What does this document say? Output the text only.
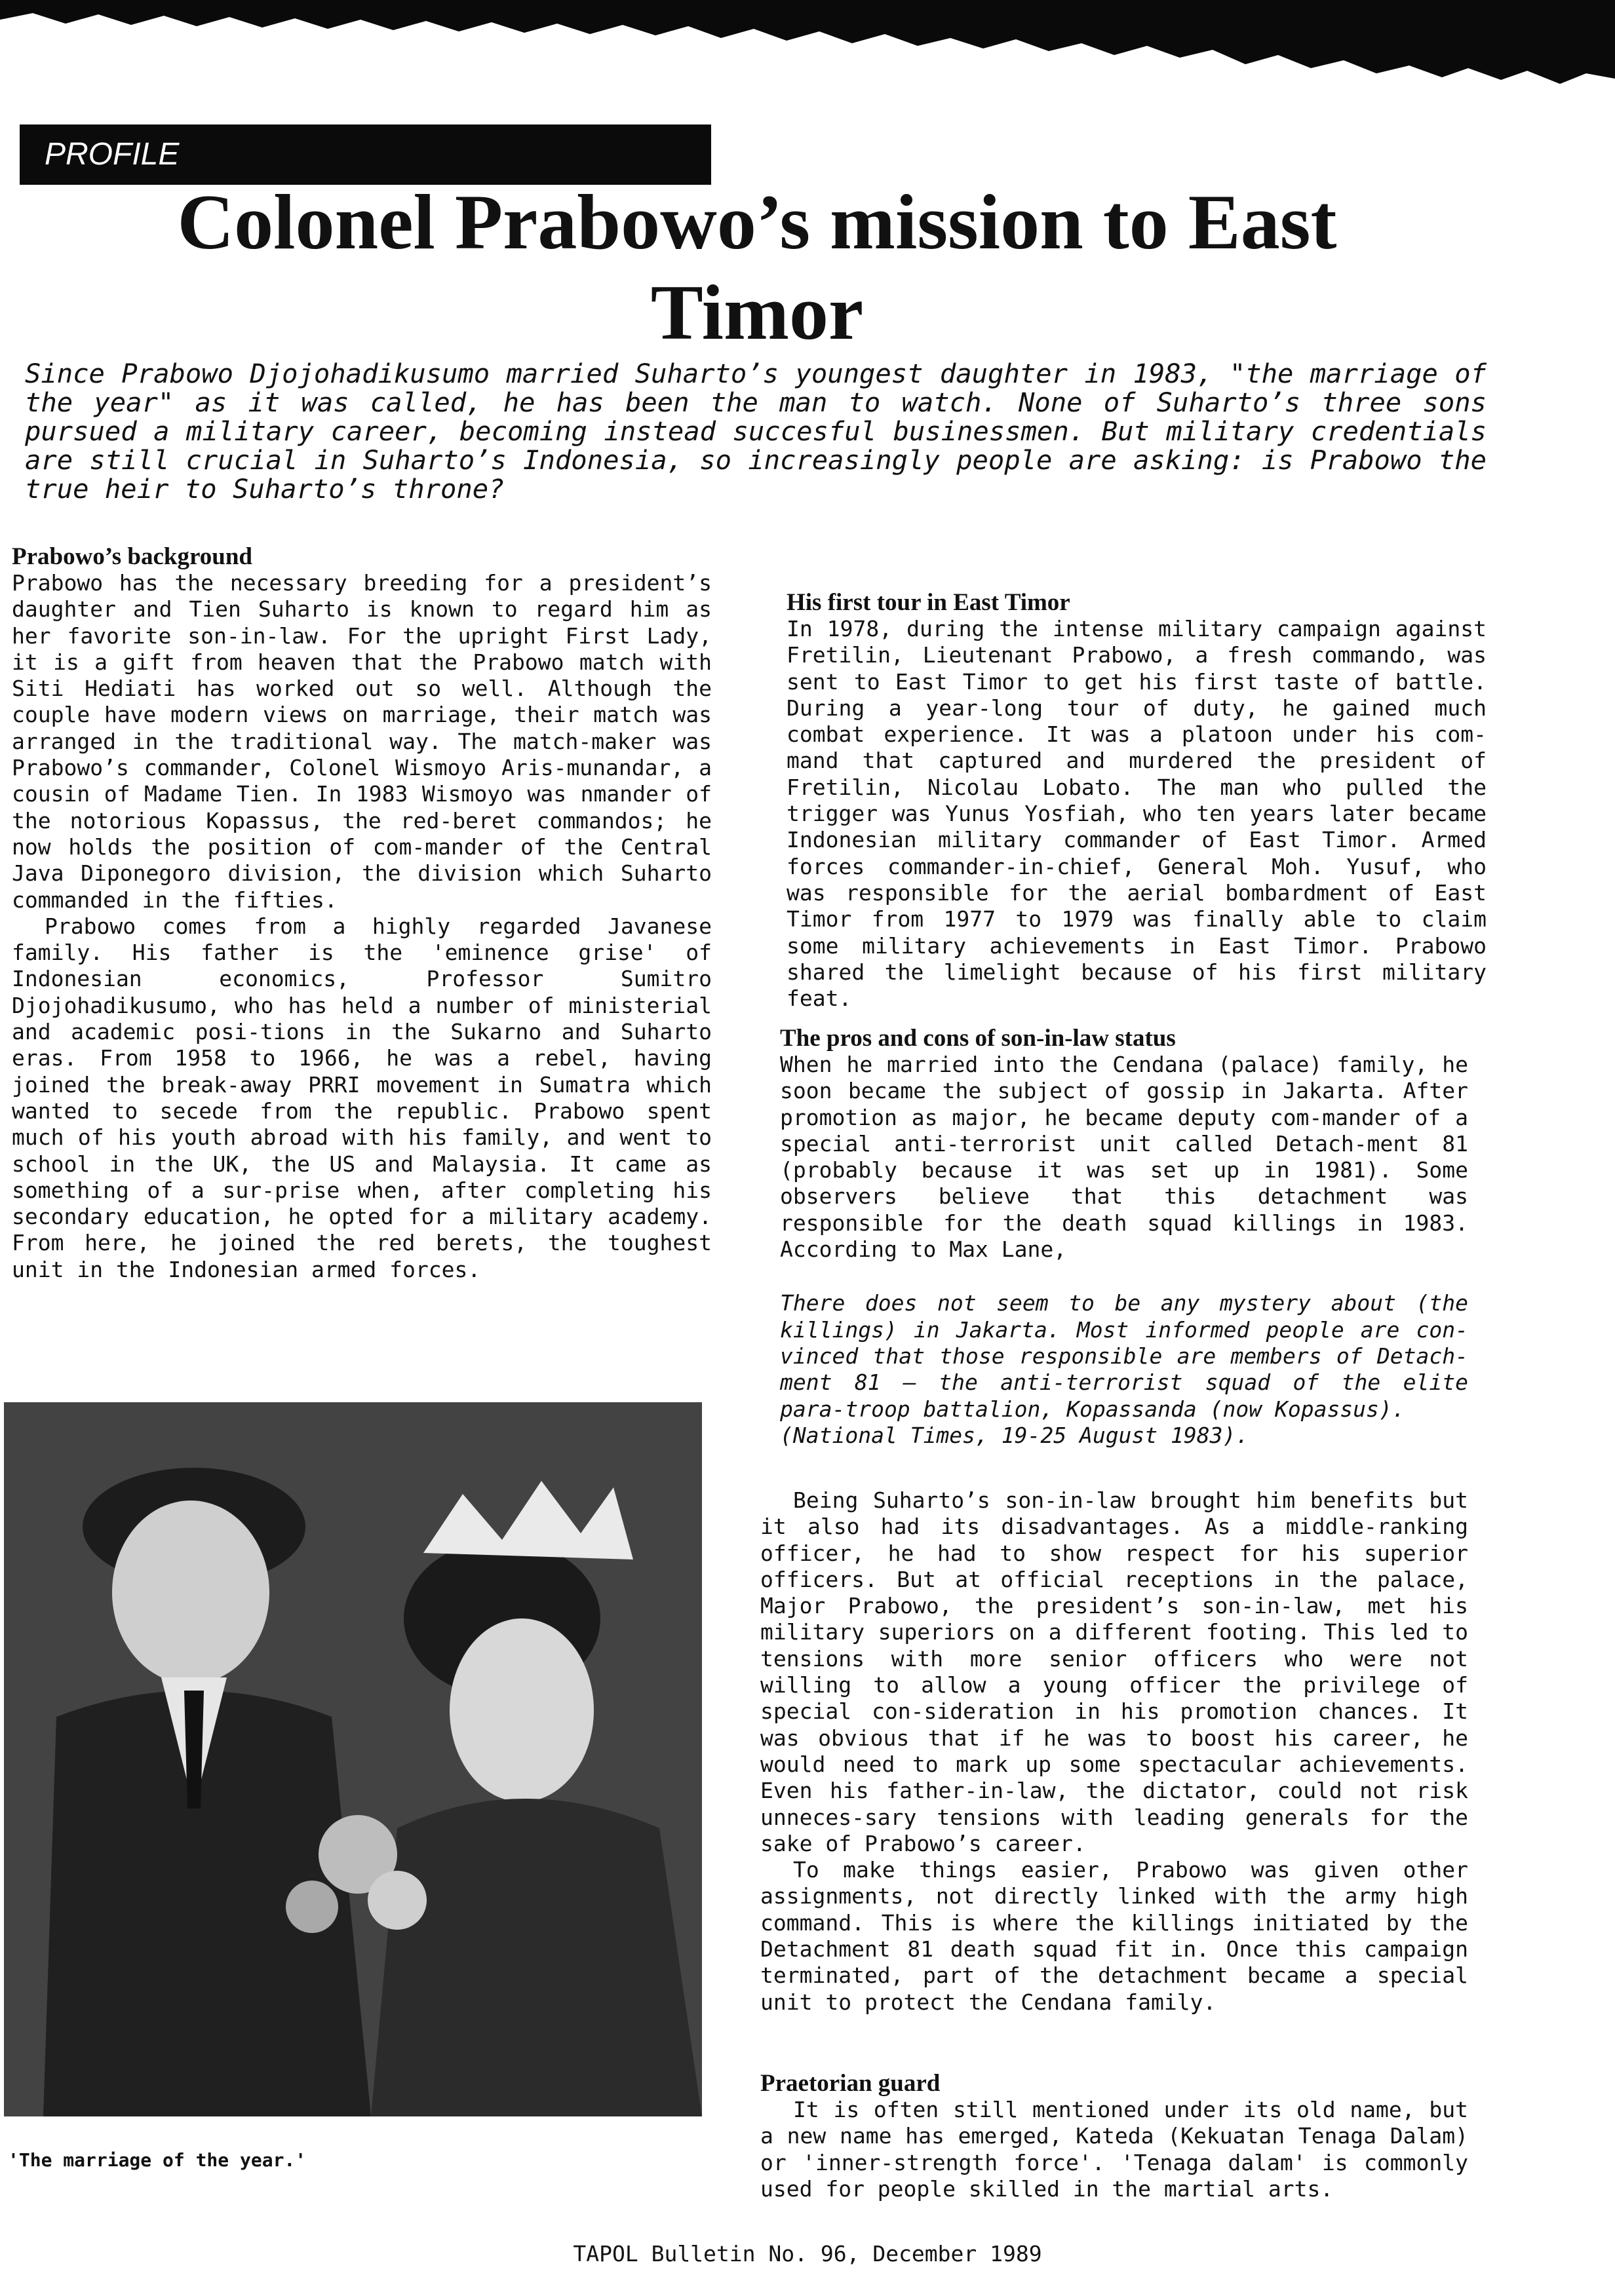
PROFILE
Colonel Prabowo’s mission to East Timor

Since Prabowo Djojohadikusumo married Suharto’s youngest daughter in 1983, "the marriage of the year" as it was called, he has been the man to watch. None of Suharto’s three sons pursued a military career, becoming instead succesful businessmen. But military credentials are still crucial in Suharto’s Indonesia, so increasingly people are asking: is Prabowo the true heir to Suharto’s throne?

Prabowo’s background

Prabowo has the necessary breeding for a president’s daughter and Tien Suharto is known to regard him as her favorite son-in-law. For the upright First Lady, it is a gift from heaven that the Prabowo match with Siti Hediati has worked out so well. Although the couple have modern views on marriage, their match was arranged in the traditional way. The match-maker was Prabowo’s commander, Colonel Wismoyo Aris-munandar, a cousin of Madame Tien. In 1983 Wismoyo was nmander of the notorious Kopassus, the red-beret commandos; he now holds the position of com-mander of the Central Java Diponegoro division, the division which Suharto commanded in the fifties.

Prabowo comes from a highly regarded Javanese family. His father is the 'eminence grise' of Indonesian economics, Professor Sumitro Djojohadikusumo, who has held a number of ministerial and academic posi-tions in the Sukarno and Suharto eras. From 1958 to 1966, he was a rebel, having joined the break-away PRRI movement in Sumatra which wanted to secede from the republic. Prabowo spent much of his youth abroad with his family, and went to school in the UK, the US and Malaysia. It came as something of a sur-prise when, after completing his secondary education, he opted for a military academy. From here, he joined the red berets, the toughest unit in the Indonesian armed forces.

His first tour in East Timor

In 1978, during the intense military campaign against Fretilin, Lieutenant Prabowo, a fresh commando, was sent to East Timor to get his first taste of battle. During a year-long tour of duty, he gained much combat experience. It was a platoon under his com-mand that captured and murdered the president of Fretilin, Nicolau Lobato. The man who pulled the trigger was Yunus Yosfiah, who ten years later became Indonesian military commander of East Timor. Armed forces commander-in-chief, General Moh. Yusuf, who was responsible for the aerial bombardment of East Timor from 1977 to 1979 was finally able to claim some military achievements in East Timor. Prabowo shared the limelight because of his first military feat.

The pros and cons of son-in-law status

When he married into the Cendana (palace) family, he soon became the subject of gossip in Jakarta. After promotion as major, he became deputy com-mander of a special anti-terrorist unit called Detach-ment 81 (probably because it was set up in 1981). Some observers believe that this detachment was responsible for the death squad killings in 1983. According to Max Lane,

There does not seem to be any mystery about (the killings) in Jakarta. Most informed people are con-vinced that those responsible are members of Detach-ment 81 – the anti-terrorist squad of the elite para-troop battalion, Kopassanda (now Kopassus).
(National Times, 19-25 August 1983).

Being Suharto’s son-in-law brought him benefits but it also had its disadvantages. As a middle-ranking officer, he had to show respect for his superior officers. But at official receptions in the palace, Major Prabowo, the president’s son-in-law, met his military superiors on a different footing. This led to tensions with more senior officers who were not willing to allow a young officer the privilege of special con-sideration in his promotion chances. It was obvious that if he was to boost his career, he would need to mark up some spectacular achievements. Even his father-in-law, the dictator, could not risk unneces-sary tensions with leading generals for the sake of Prabowo’s career.

To make things easier, Prabowo was given other assignments, not directly linked with the army high command. This is where the killings initiated by the Detachment 81 death squad fit in. Once this campaign terminated, part of the detachment became a special unit to protect the Cendana family.

Praetorian guard

It is often still mentioned under its old name, but a new name has emerged, Kateda (Kekuatan Tenaga Dalam) or 'inner-strength force'. 'Tenaga dalam' is commonly used for people skilled in the martial arts.

'The marriage of the year.'
TAPOL Bulletin No. 96, December 1989
